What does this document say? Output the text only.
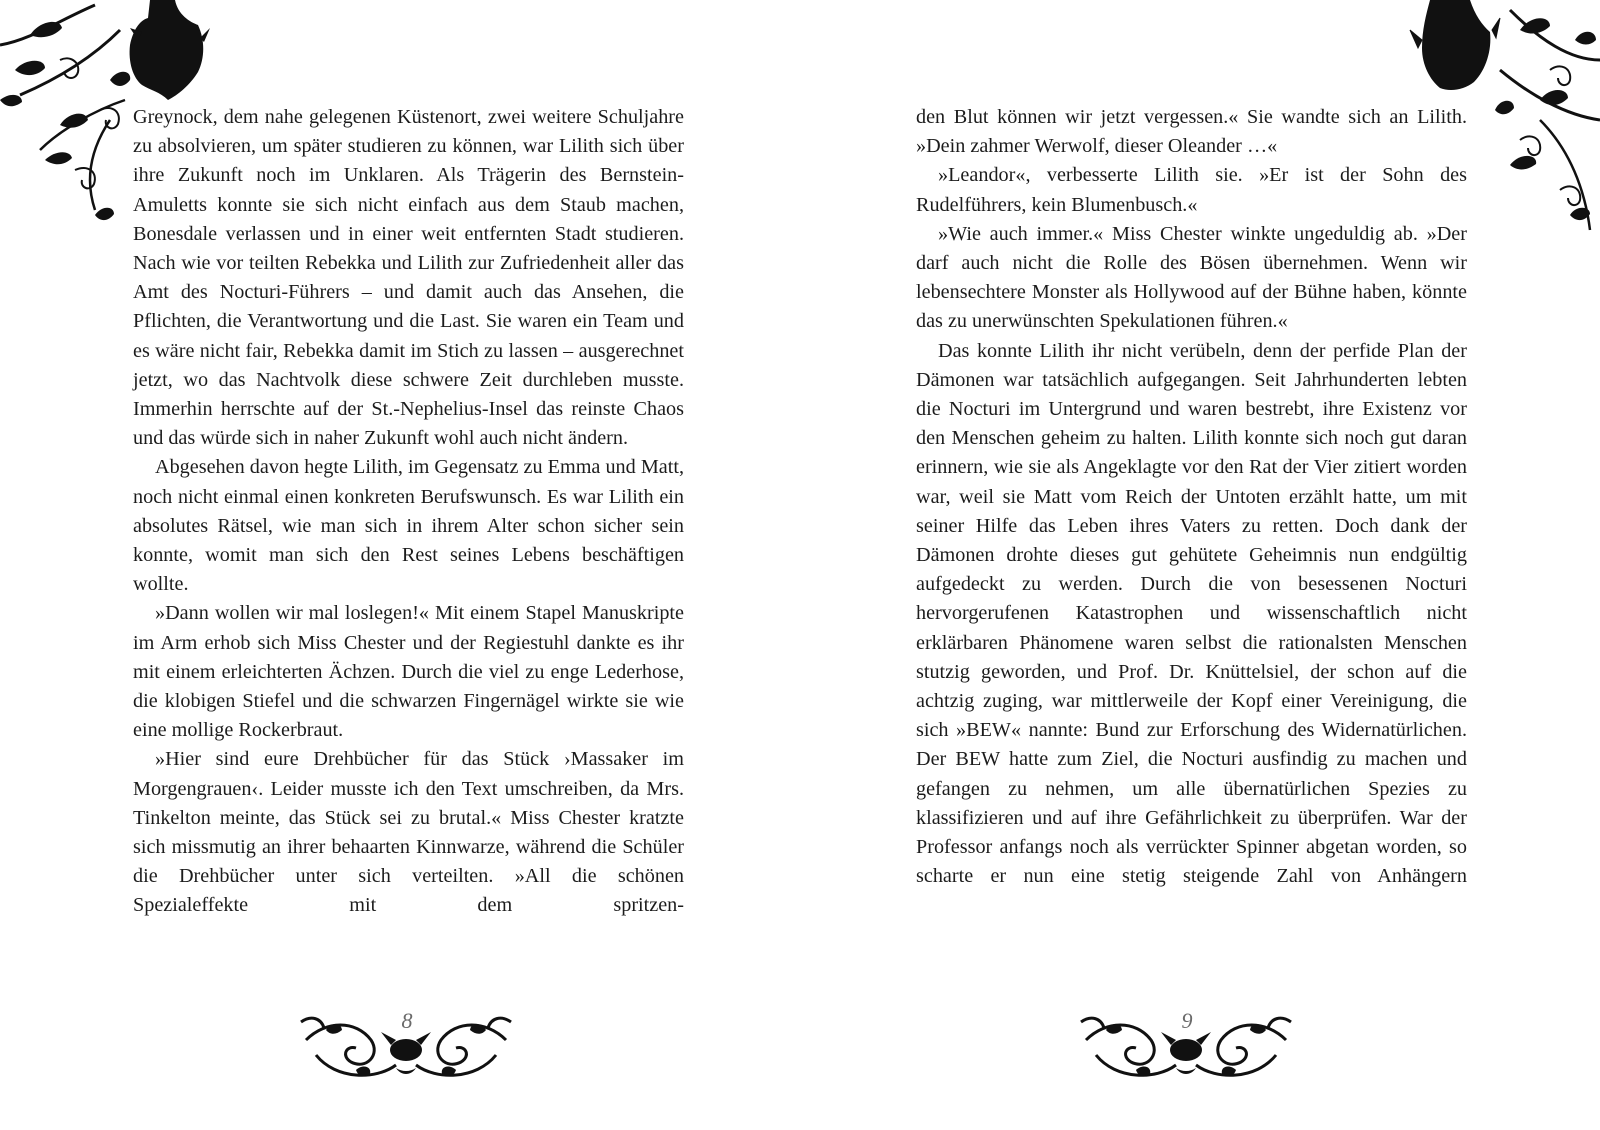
Greynock, dem nahe gelegenen Küstenort, zwei weitere Schuljahre zu absolvieren, um später studieren zu können, war Lilith sich über ihre Zukunft noch im Unklaren. Als Trägerin des Bernstein-Amuletts konnte sie sich nicht einfach aus dem Staub machen, Bonesdale verlassen und in einer weit entfernten Stadt studieren. Nach wie vor teilten Rebekka und Lilith zur Zufriedenheit aller das Amt des Nocturi-Führers – und damit auch das Ansehen, die Pflichten, die Verantwortung und die Last. Sie waren ein Team und es wäre nicht fair, Rebekka damit im Stich zu lassen – ausgerechnet jetzt, wo das Nachtvolk diese schwere Zeit durchleben musste. Immerhin herrschte auf der St.-Nephelius-Insel das reinste Chaos und das würde sich in naher Zukunft wohl auch nicht ändern.

Abgesehen davon hegte Lilith, im Gegensatz zu Emma und Matt, noch nicht einmal einen konkreten Berufswunsch. Es war Lilith ein absolutes Rätsel, wie man sich in ihrem Alter schon sicher sein konnte, womit man sich den Rest seines Lebens beschäftigen wollte.

»Dann wollen wir mal loslegen!« Mit einem Stapel Manuskripte im Arm erhob sich Miss Chester und der Regiestuhl dankte es ihr mit einem erleichterten Ächzen. Durch die viel zu enge Lederhose, die klobigen Stiefel und die schwarzen Fingernägel wirkte sie wie eine mollige Rockerbraut.

»Hier sind eure Drehbücher für das Stück ›Massaker im Morgengrauen‹. Leider musste ich den Text umschreiben, da Mrs. Tinkelton meinte, das Stück sei zu brutal.« Miss Chester kratzte sich missmutig an ihrer behaarten Kinnwarze, während die Schüler die Drehbücher unter sich verteilten. »All die schönen Spezialeffekte mit dem spritzen-

8

den Blut können wir jetzt vergessen.« Sie wandte sich an Lilith. »Dein zahmer Werwolf, dieser Oleander …«

»Leandor«, verbesserte Lilith sie. »Er ist der Sohn des Rudelführers, kein Blumenbusch.«

»Wie auch immer.« Miss Chester winkte ungeduldig ab. »Der darf auch nicht die Rolle des Bösen übernehmen. Wenn wir lebensechtere Monster als Hollywood auf der Bühne haben, könnte das zu unerwünschten Spekulationen führen.«

Das konnte Lilith ihr nicht verübeln, denn der perfide Plan der Dämonen war tatsächlich aufgegangen. Seit Jahrhunderten lebten die Nocturi im Untergrund und waren bestrebt, ihre Existenz vor den Menschen geheim zu halten. Lilith konnte sich noch gut daran erinnern, wie sie als Angeklagte vor den Rat der Vier zitiert worden war, weil sie Matt vom Reich der Untoten erzählt hatte, um mit seiner Hilfe das Leben ihres Vaters zu retten. Doch dank der Dämonen drohte dieses gut gehütete Geheimnis nun endgültig aufgedeckt zu werden. Durch die von besessenen Nocturi hervorgerufenen Katastrophen und wissenschaftlich nicht erklärbaren Phänomene waren selbst die rationalsten Menschen stutzig geworden, und Prof. Dr. Knüttelsiel, der schon auf die achtzig zuging, war mittlerweile der Kopf einer Vereinigung, die sich »BEW« nannte: Bund zur Erforschung des Widernatürlichen. Der BEW hatte zum Ziel, die Nocturi ausfindig zu machen und gefangen zu nehmen, um alle übernatürlichen Spezies zu klassifizieren und auf ihre Gefährlichkeit zu überprüfen. War der Professor anfangs noch als verrückter Spinner abgetan worden, so scharte er nun eine stetig steigende Zahl von Anhängern

9
